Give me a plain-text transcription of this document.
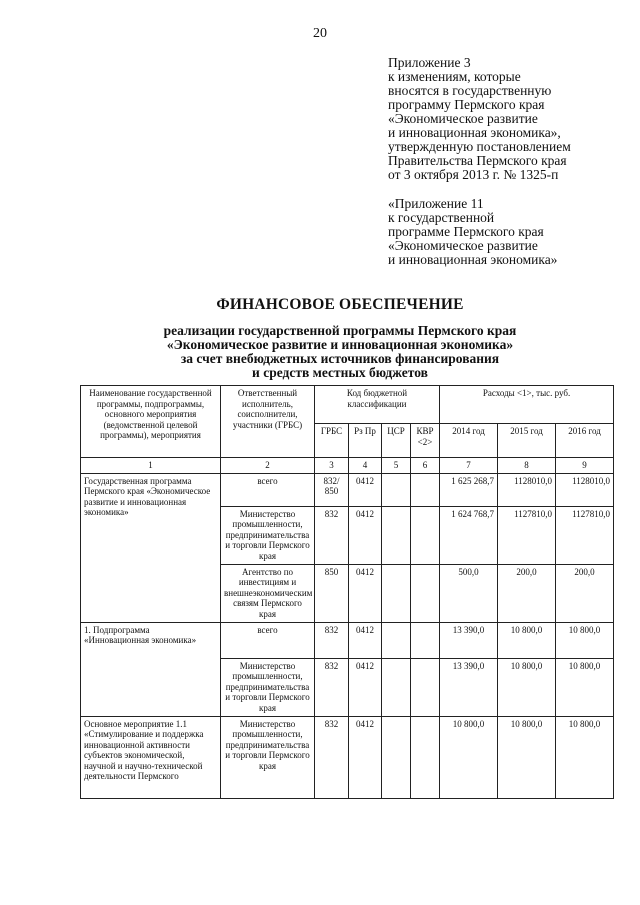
20
Приложение 3
к изменениям, которые
вносятся в государственную
программу Пермского края
«Экономическое развитие
и инновационная экономика»,
утвержденную постановлением
Правительства Пермского края
от 3 октября 2013 г. № 1325-п
«Приложение 11
к государственной
программе Пермского края
«Экономическое развитие
и инновационная экономика»
ФИНАНСОВОЕ ОБЕСПЕЧЕНИЕ
реализации государственной программы Пермского края
«Экономическое развитие и инновационная экономика»
за счет внебюджетных источников финансирования
и средств местных бюджетов
Наименование государственной программы, подпрограммы, основного мероприятия (ведомственной целевой программы), мероприятия	Ответственный исполнитель, соисполнители, участники (ГРБС)	Код бюджетной классификации				Расходы <1>, тыс. руб.		
		ГРБС	Рз Пр	ЦСР	КВР <2>	2014 год	2015 год	2016 год
1	2	3	4	5	6	7	8	9
Государственная программа Пермского края «Экономическое развитие и инновационная экономика»	всего	832/ 850	0412			1 625 268,7	1128010,0	1128010,0
	Министерство промышленности, предпринимательства и торговли Пермского края	832	0412			1 624 768,7	1127810,0	1127810,0
	Агентство по инвестициям и внешнеэкономическим связям Пермского края	850	0412			500,0	200,0	200,0
1. Подпрограмма «Инновационная экономика»	всего	832	0412			13 390,0	10 800,0	10 800,0
	Министерство промышленности, предпринимательства и торговли Пермского края	832	0412			13 390,0	10 800,0	10 800,0
Основное мероприятие 1.1 «Стимулирование и поддержка инновационной активности субъектов экономической, научной и научно-технической деятельности Пермского	Министерство промышленности, предпринимательства и торговли Пермского края	832	0412			10 800,0	10 800,0	10 800,0
